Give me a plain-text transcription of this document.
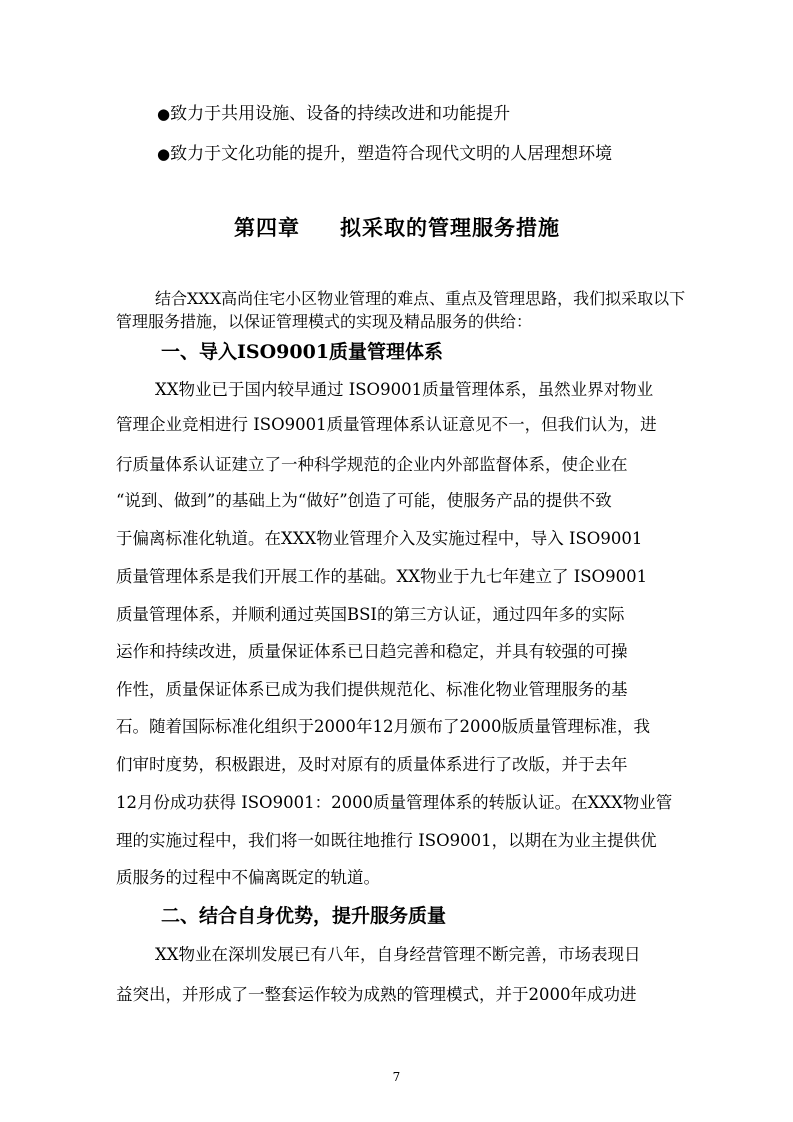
●致力于共用设施、设备的持续改进和功能提升
●致力于文化功能的提升，塑造符合现代文明的人居理想环境
第四章 拟采取的管理服务措施
结合XXX高尚住宅小区物业管理的难点、重点及管理思路，我们拟采取以下
管理服务措施，以保证管理模式的实现及精品服务的供给：
一、导入ISO9001质量管理体系
XX物业已于国内较早通过 ISO9001质量管理体系，虽然业界对物业
管理企业竞相进行 ISO9001质量管理体系认证意见不一，但我们认为，进
行质量体系认证建立了一种科学规范的企业内外部监督体系，使企业在
“说到、做到”的基础上为“做好”创造了可能，使服务产品的提供不致
于偏离标准化轨道。在XXX物业管理介入及实施过程中，导入 ISO9001
质量管理体系是我们开展工作的基础。XX物业于九七年建立了 ISO9001
质量管理体系，并顺利通过英国BSI的第三方认证，通过四年多的实际
运作和持续改进，质量保证体系已日趋完善和稳定，并具有较强的可操
作性，质量保证体系已成为我们提供规范化、标准化物业管理服务的基
石。随着国际标准化组织于2000年12月颁布了2000版质量管理标准，我
们审时度势，积极跟进，及时对原有的质量体系进行了改版，并于去年
12月份成功获得 ISO9001：2000质量管理体系的转版认证。在XXX物业管
理的实施过程中，我们将一如既往地推行 ISO9001，以期在为业主提供优
质服务的过程中不偏离既定的轨道。
二、结合自身优势，提升服务质量
XX物业在深圳发展已有八年，自身经营管理不断完善，市场表现日
益突出，并形成了一整套运作较为成熟的管理模式，并于2000年成功进
7
